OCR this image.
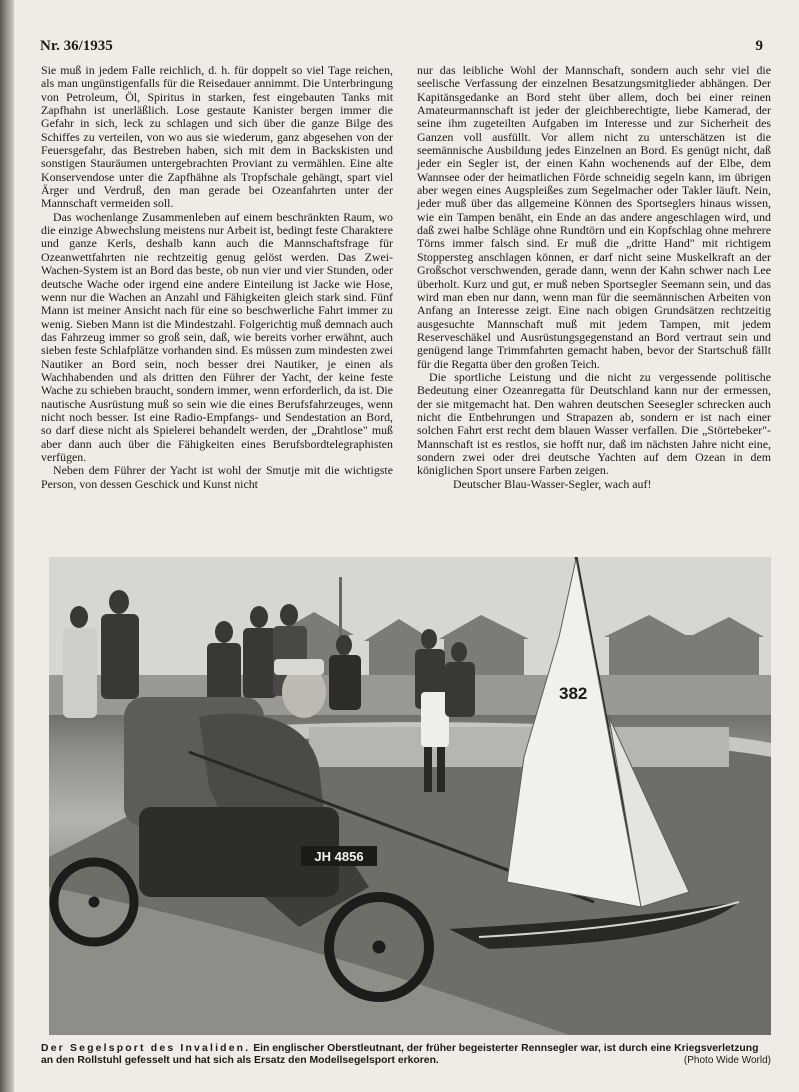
Nr. 36/1935	9

Sie muß in jedem Falle reichlich, d. h. für doppelt so viel Tage reichen, als man ungünstigenfalls für die Reisedauer annimmt. Die Unterbringung von Petroleum, Öl, Spiritus in starken, fest eingebauten Tanks mit Zapfhahn ist unerläßlich. Lose gestaute Kanister bergen immer die Gefahr in sich, leck zu schlagen und sich über die ganze Bilge des Schiffes zu verteilen, von wo aus sie wiederum, ganz abgesehen von der Feuersgefahr, das Bestreben haben, sich mit dem in Backskisten und sonstigen Stauräumen untergebrachten Proviant zu vermählen. Eine alte Konservendose unter die Zapfhähne als Tropfschale gehängt, spart viel Ärger und Verdruß, den man gerade bei Ozeanfahrten unter der Mannschaft vermeiden soll.

Das wochenlange Zusammenleben auf einem beschränkten Raum, wo die einzige Abwechslung meistens nur Arbeit ist, bedingt feste Charaktere und ganze Kerls, deshalb kann auch die Mannschaftsfrage für Ozeanwettfahrten nie rechtzeitig genug gelöst werden. Das Zwei-Wachen-System ist an Bord das beste, ob nun vier und vier Stunden, oder deutsche Wache oder irgend eine andere Einteilung ist Jacke wie Hose, wenn nur die Wachen an Anzahl und Fähigkeiten gleich stark sind. Fünf Mann ist meiner Ansicht nach für eine so beschwerliche Fahrt immer zu wenig. Sieben Mann ist die Mindestzahl. Folgerichtig muß demnach auch das Fahrzeug immer so groß sein, daß, wie bereits vorher erwähnt, auch sieben feste Schlafplätze vorhanden sind. Es müssen zum mindesten zwei Nautiker an Bord sein, noch besser drei Nautiker, je einen als Wachhabenden und als dritten den Führer der Yacht, der keine feste Wache zu schieben braucht, sondern immer, wenn erforderlich, da ist. Die nautische Ausrüstung muß so sein wie die eines Berufsfahrzeuges, wenn nicht noch besser. Ist eine Radio-Empfangs- und Sendestation an Bord, so darf diese nicht als Spielerei behandelt werden, der „Drahtlose" muß aber dann auch über die Fähigkeiten eines Berufsbordtelegraphisten verfügen.

Neben dem Führer der Yacht ist wohl der Smutje mit die wichtigste Person, von dessen Geschick und Kunst nicht

nur das leibliche Wohl der Mannschaft, sondern auch sehr viel die seelische Verfassung der einzelnen Besatzungsmitglieder abhängen. Der Kapitänsgedanke an Bord steht über allem, doch bei einer reinen Amateurmannschaft ist jeder der gleichberechtigte, liebe Kamerad, der seine ihm zugeteilten Aufgaben im Interesse und zur Sicherheit des Ganzen voll ausfüllt. Vor allem nicht zu unterschätzen ist die seemännische Ausbildung jedes Einzelnen an Bord. Es genügt nicht, daß jeder ein Segler ist, der einen Kahn wochenends auf der Elbe, dem Wannsee oder der heimatlichen Förde schneidig segeln kann, im übrigen aber wegen eines Augspleißes zum Segelmacher oder Takler läuft. Nein, jeder muß über das allgemeine Können des Sportseglers hinaus wissen, wie ein Tampen benäht, ein Ende an das andere angeschlagen wird, und daß zwei halbe Schläge ohne Rundtörn und ein Kopfschlag ohne mehrere Törns immer falsch sind. Er muß die „dritte Hand" mit richtigem Stoppersteg anschlagen können, er darf nicht seine Muskelkraft an der Großschot verschwenden, gerade dann, wenn der Kahn schwer nach Lee überholt. Kurz und gut, er muß neben Sportsegler Seemann sein, und das wird man eben nur dann, wenn man für die seemännischen Arbeiten von Anfang an Interesse zeigt. Eine nach obigen Grundsätzen rechtzeitig ausgesuchte Mannschaft muß mit jedem Tampen, mit jedem Reserveschäkel und Ausrüstungsgegenstand an Bord vertraut sein und genügend lange Trimmfahrten gemacht haben, bevor der Startschuß fällt für die Regatta über den großen Teich.

Die sportliche Leistung und die nicht zu vergessende politische Bedeutung einer Ozeanregatta für Deutschland kann nur der ermessen, der sie mitgemacht hat. Den wahren deutschen Seesegler schrecken auch nicht die Entbehrungen und Strapazen ab, sondern er ist nach einer solchen Fahrt erst recht dem blauen Wasser verfallen. Die „Störtebeker"-Mannschaft ist es restlos, sie hofft nur, daß im nächsten Jahre nicht eine, sondern zwei oder drei deutsche Yachten auf dem Ozean in dem königlichen Sport unsere Farben zeigen.

Deutscher Blau-Wasser-Segler, wach auf!

JH 4856
382
Der Segelsport des Invaliden. Ein englischer Oberstleutnant, der früher begeisterter Rennsegler war, ist durch eine Kriegsverletzung an den Rollstuhl gefesselt und hat sich als Ersatz den Modellsegelsport erkoren.	(Photo Wide World)
